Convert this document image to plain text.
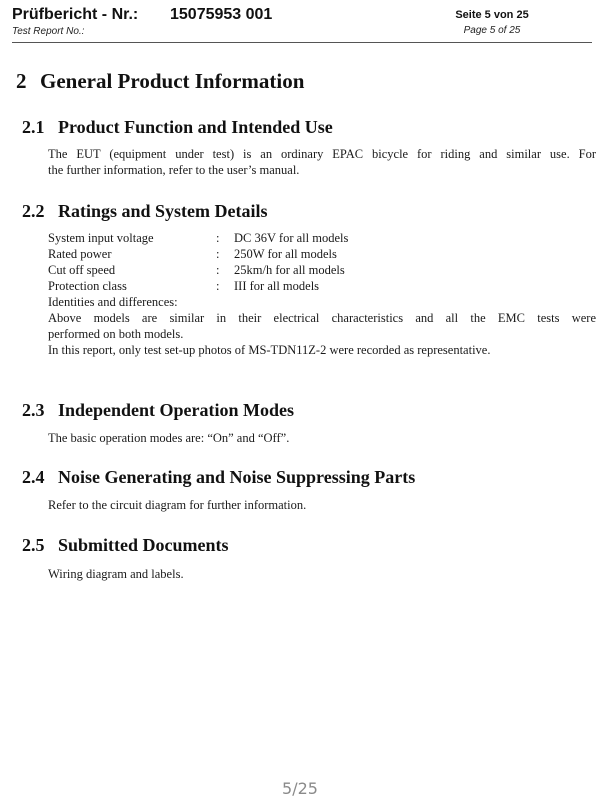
Prüfbericht - Nr.: 15075953 001
Test Report No.:
Seite 5 von 25
Page 5 of 25
2 General Product Information
2.1 Product Function and Intended Use
The EUT (equipment under test) is an ordinary EPAC bicycle for riding and similar use. For
the further information, refer to the user’s manual.
2.2 Ratings and System Details
System input voltage	: DC 36V for all models
Rated power	: 250W for all models
Cut off speed	: 25km/h for all models
Protection class	: III for all models
Identities and differences:
Above models are similar in their electrical characteristics and all the EMC tests were
performed on both models.
In this report, only test set-up photos of MS-TDN11Z-2 were recorded as representative.
2.3 Independent Operation Modes
The basic operation modes are: “On” and “Off”.
2.4 Noise Generating and Noise Suppressing Parts
Refer to the circuit diagram for further information.
2.5 Submitted Documents
Wiring diagram and labels.
5/25
